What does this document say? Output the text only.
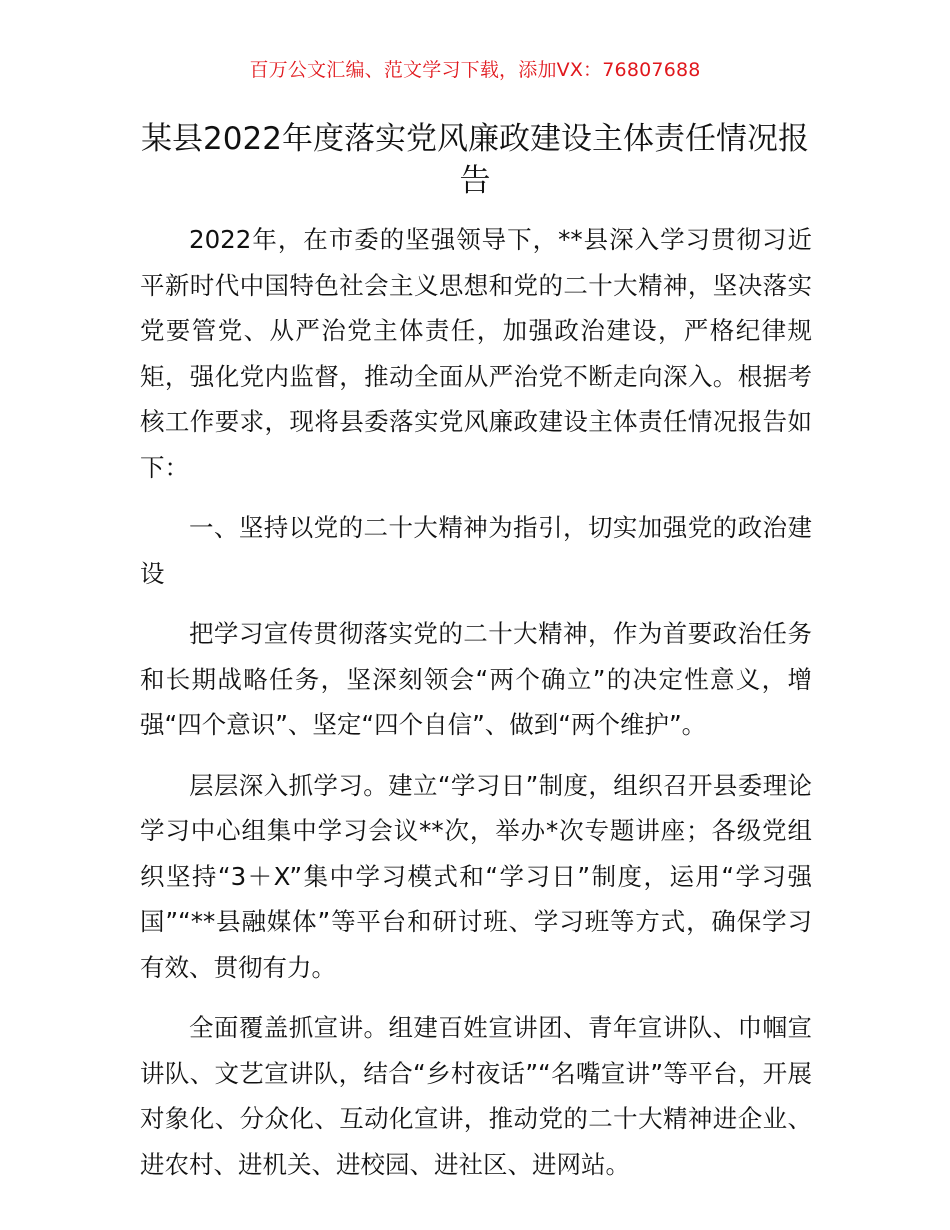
百万公文汇编、范文学习下载，添加VX：76807688
某县2022年度落实党风廉政建设主体责任情况报告

2022年，在市委的坚强领导下，**县深入学习贯彻习近平新时代中国特色社会主义思想和党的二十大精神，坚决落实党要管党、从严治党主体责任，加强政治建设，严格纪律规矩，强化党内监督，推动全面从严治党不断走向深入。根据考核工作要求，现将县委落实党风廉政建设主体责任情况报告如下：

一、坚持以党的二十大精神为指引，切实加强党的政治建设

把学习宣传贯彻落实党的二十大精神，作为首要政治任务和长期战略任务，坚深刻领会“两个确立”的决定性意义，增强“四个意识”、坚定“四个自信”、做到“两个维护”。

层层深入抓学习。建立“学习日”制度，组织召开县委理论学习中心组集中学习会议**次，举办*次专题讲座；各级党组织坚持“3＋X”集中学习模式和“学习日”制度，运用“学习强国”“**县融媒体”等平台和研讨班、学习班等方式，确保学习有效、贯彻有力。

全面覆盖抓宣讲。组建百姓宣讲团、青年宣讲队、巾帼宣讲队、文艺宣讲队，结合“乡村夜话”“名嘴宣讲”等平台，开展对象化、分众化、互动化宣讲，推动党的二十大精神进企业、进农村、进机关、进校园、进社区、进网站。
